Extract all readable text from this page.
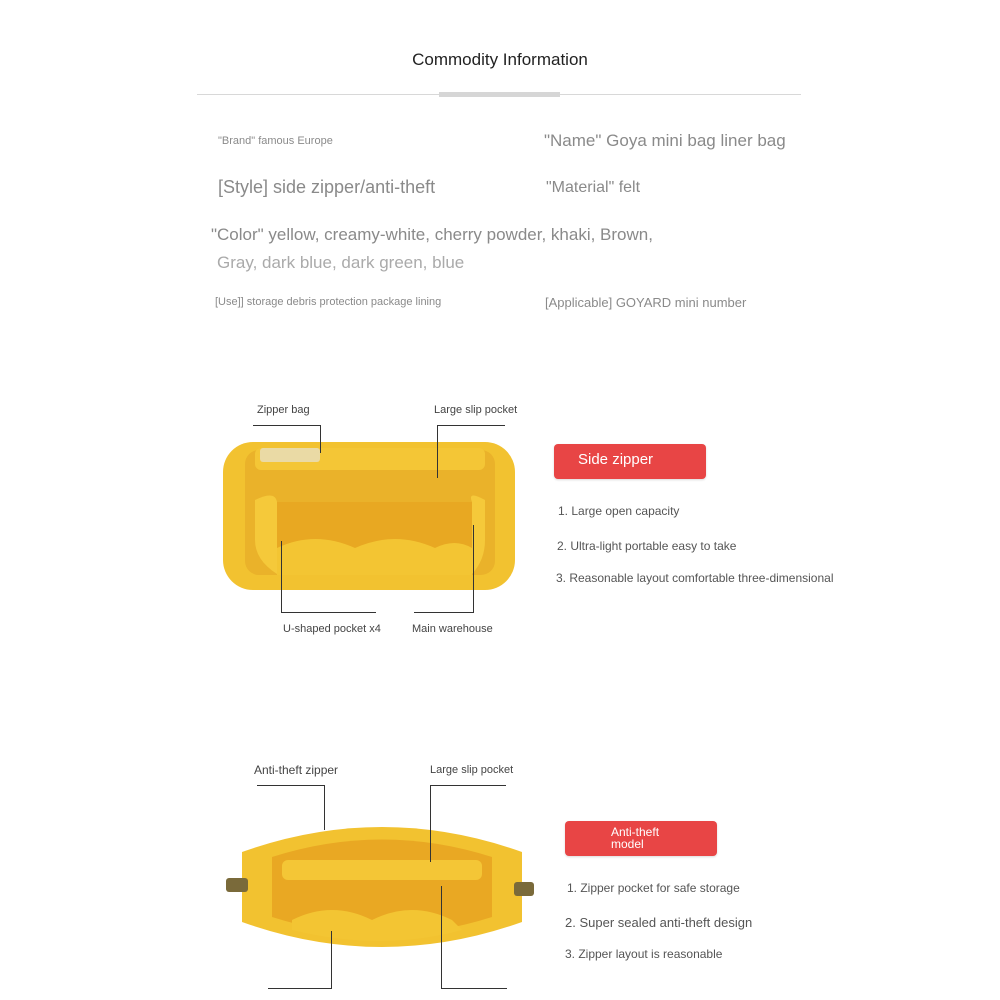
Commodity Information
"Brand" famous Europe	"Name" Goya mini bag liner bag
[Style] side zipper/anti-theft	"Material" felt
"Color" yellow, creamy-white, cherry powder, khaki, Brown,
Gray, dark blue, dark green, blue
[Use]] storage debris protection package lining	[Applicable] GOYARD mini number
Zipper bag	Large slip pocket
U-shaped pocket x4	Main warehouse
Side zipper
1. Large open capacity
2. Ultra-light portable easy to take
3. Reasonable layout comfortable three-dimensional
Anti-theft zipper	Large slip pocket
Anti-theft
model
1. Zipper pocket for safe storage
2. Super sealed anti-theft design
3. Zipper layout is reasonable
